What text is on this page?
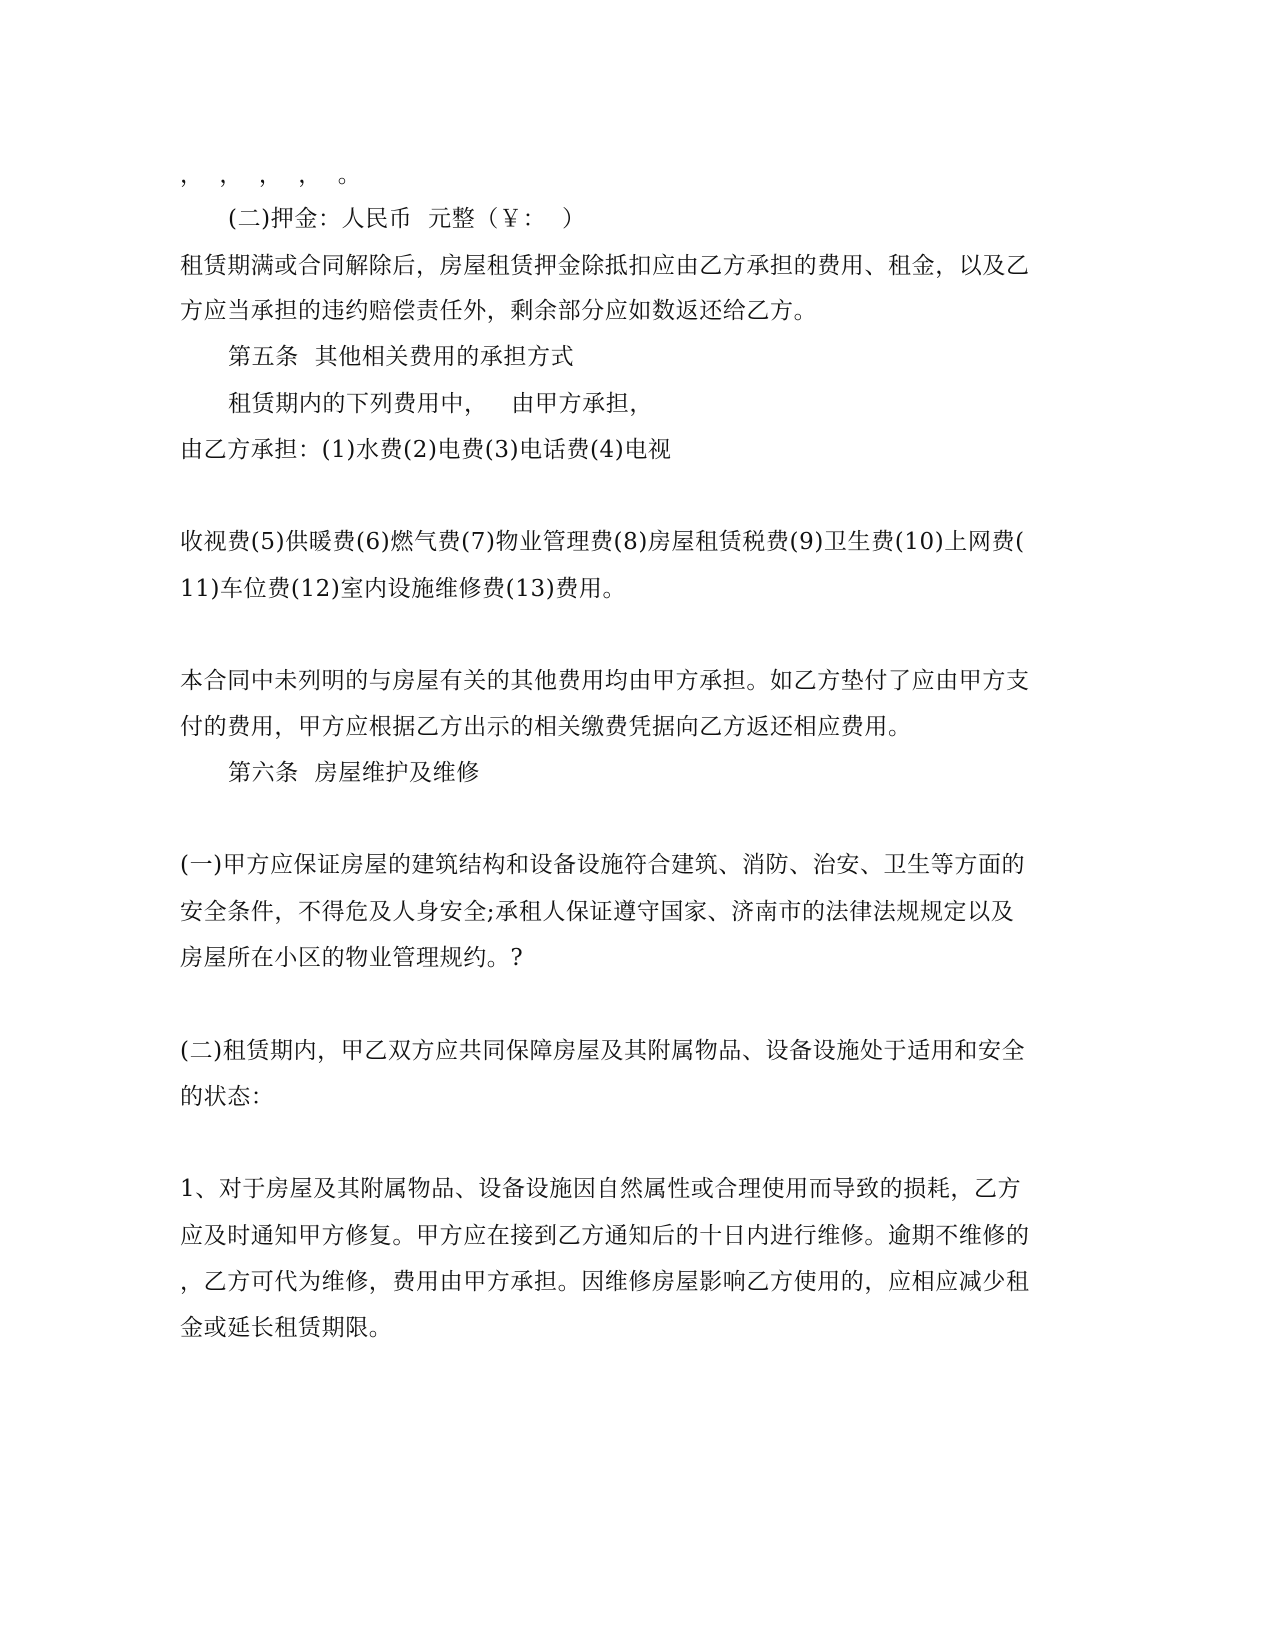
，  ，  ，  ，  。
(二)押金：人民币  元整（￥：  ）
租赁期满或合同解除后，房屋租赁押金除抵扣应由乙方承担的费用、租金，以及乙
方应当承担的违约赔偿责任外，剩余部分应如数返还给乙方。
第五条  其他相关费用的承担方式
租赁期内的下列费用中，   由甲方承担，
由乙方承担：(1)水费(2)电费(3)电话费(4)电视
收视费(5)供暖费(6)燃气费(7)物业管理费(8)房屋租赁税费(9)卫生费(10)上网费(
11)车位费(12)室内设施维修费(13)费用。
本合同中未列明的与房屋有关的其他费用均由甲方承担。如乙方垫付了应由甲方支
付的费用，甲方应根据乙方出示的相关缴费凭据向乙方返还相应费用。
第六条  房屋维护及维修
(一)甲方应保证房屋的建筑结构和设备设施符合建筑、消防、治安、卫生等方面的
安全条件，不得危及人身安全;承租人保证遵守国家、济南市的法律法规规定以及
房屋所在小区的物业管理规约。?
(二)租赁期内，甲乙双方应共同保障房屋及其附属物品、设备设施处于适用和安全
的状态：
1、对于房屋及其附属物品、设备设施因自然属性或合理使用而导致的损耗，乙方
应及时通知甲方修复。甲方应在接到乙方通知后的十日内进行维修。逾期不维修的
，乙方可代为维修，费用由甲方承担。因维修房屋影响乙方使用的，应相应减少租
金或延长租赁期限。
